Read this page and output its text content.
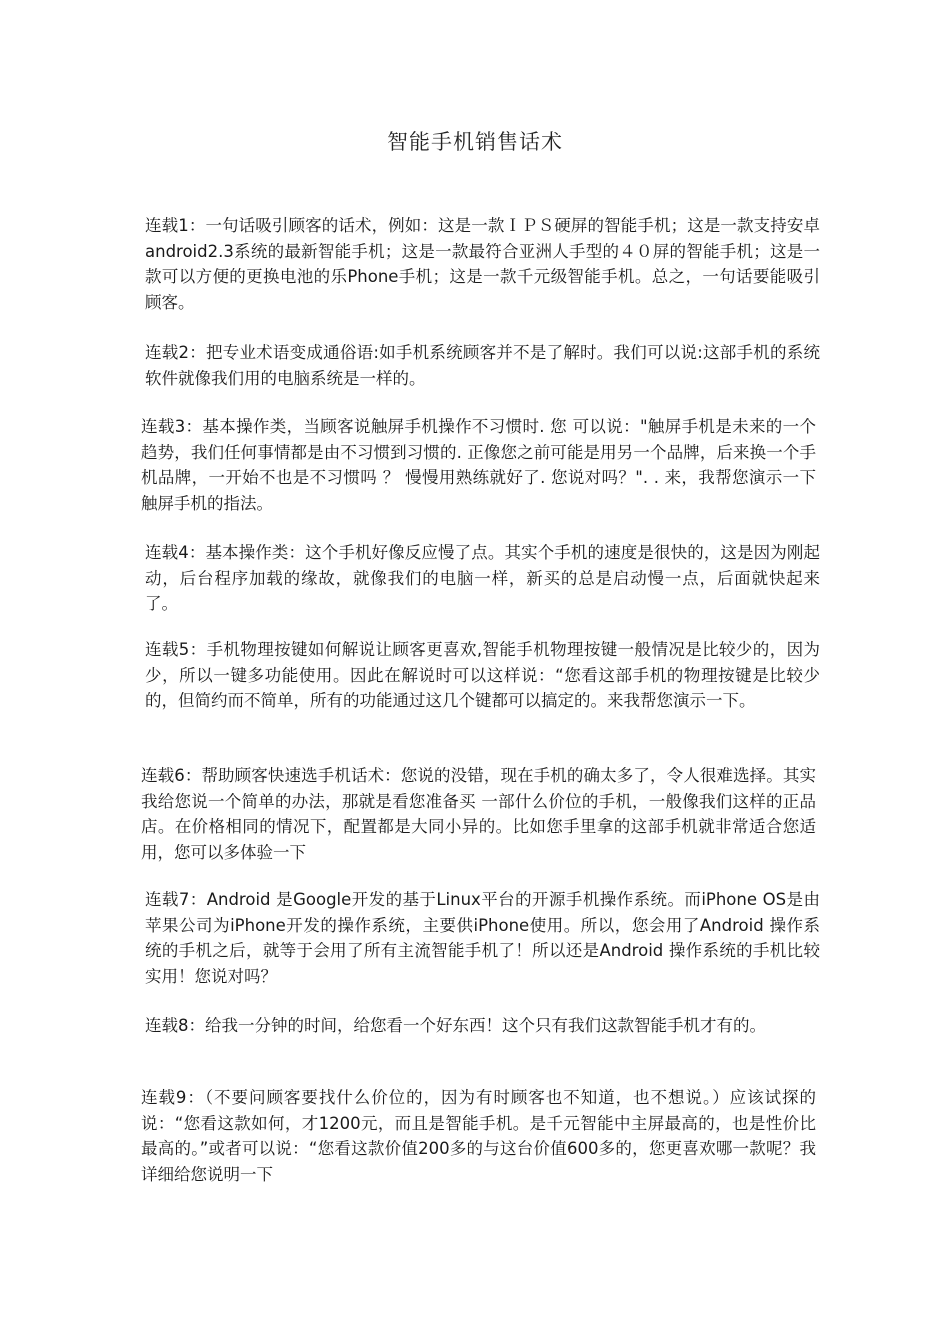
智能手机销售话术

连载1：一句话吸引顾客的话术，例如：这是一款ＩＰＳ硬屏的智能手机；这是一款支持安卓android2.3系统的最新智能手机；这是一款最符合亚洲人手型的４０屏的智能手机；这是一款可以方便的更换电池的乐Phone手机；这是一款千元级智能手机。总之，一句话要能吸引顾客。

连载2：把专业术语变成通俗语:如手机系统顾客并不是了解时。我们可以说:这部手机的系统软件就像我们用的电脑系统是一样的。

连载3：基本操作类，当顾客说触屏手机操作不习惯时. 您 可以说："触屏手机是未来的一个趋势，我们任何事情都是由不习惯到习惯的. 正像您之前可能是用另一个品牌，后来换一个手机品牌，一开始不也是不习惯吗 ？ 慢慢用熟练就好了. 您说对吗？". . 来，我帮您演示一下触屏手机的指法。

连载4：基本操作类：这个手机好像反应慢了点。其实个手机的速度是很快的，这是因为刚起动，后台程序加载的缘故，就像我们的电脑一样，新买的总是启动慢一点，后面就快起来了。

连载5：手机物理按键如何解说让顾客更喜欢,智能手机物理按键一般情况是比较少的，因为少，所以一键多功能使用。因此在解说时可以这样说：“您看这部手机的物理按键是比较少的，但简约而不简单，所有的功能通过这几个键都可以搞定的。来我帮您演示一下。

连载6：帮助顾客快速选手机话术：您说的没错，现在手机的确太多了，令人很难选择。其实我给您说一个简单的办法，那就是看您准备买 一部什么价位的手机，一般像我们这样的正品店。在价格相同的情况下，配置都是大同小异的。比如您手里拿的这部手机就非常适合您适用，您可以多体验一下

连载7：Android 是Google开发的基于Linux平台的开源手机操作系统。而iPhone OS是由苹果公司为iPhone开发的操作系统，主要供iPhone使用。所以，您会用了Android 操作系统的手机之后，就等于会用了所有主流智能手机了！所以还是Android 操作系统的手机比较实用！您说对吗？

连载8：给我一分钟的时间，给您看一个好东西！这个只有我们这款智能手机才有的。

连载9：（不要问顾客要找什么价位的，因为有时顾客也不知道，也不想说。）应该试探的说：“您看这款如何，才1200元，而且是智能手机。是千元智能中主屏最高的，也是性价比最高的。”或者可以说：“您看这款价值200多的与这台价值600多的，您更喜欢哪一款呢？我详细给您说明一下
